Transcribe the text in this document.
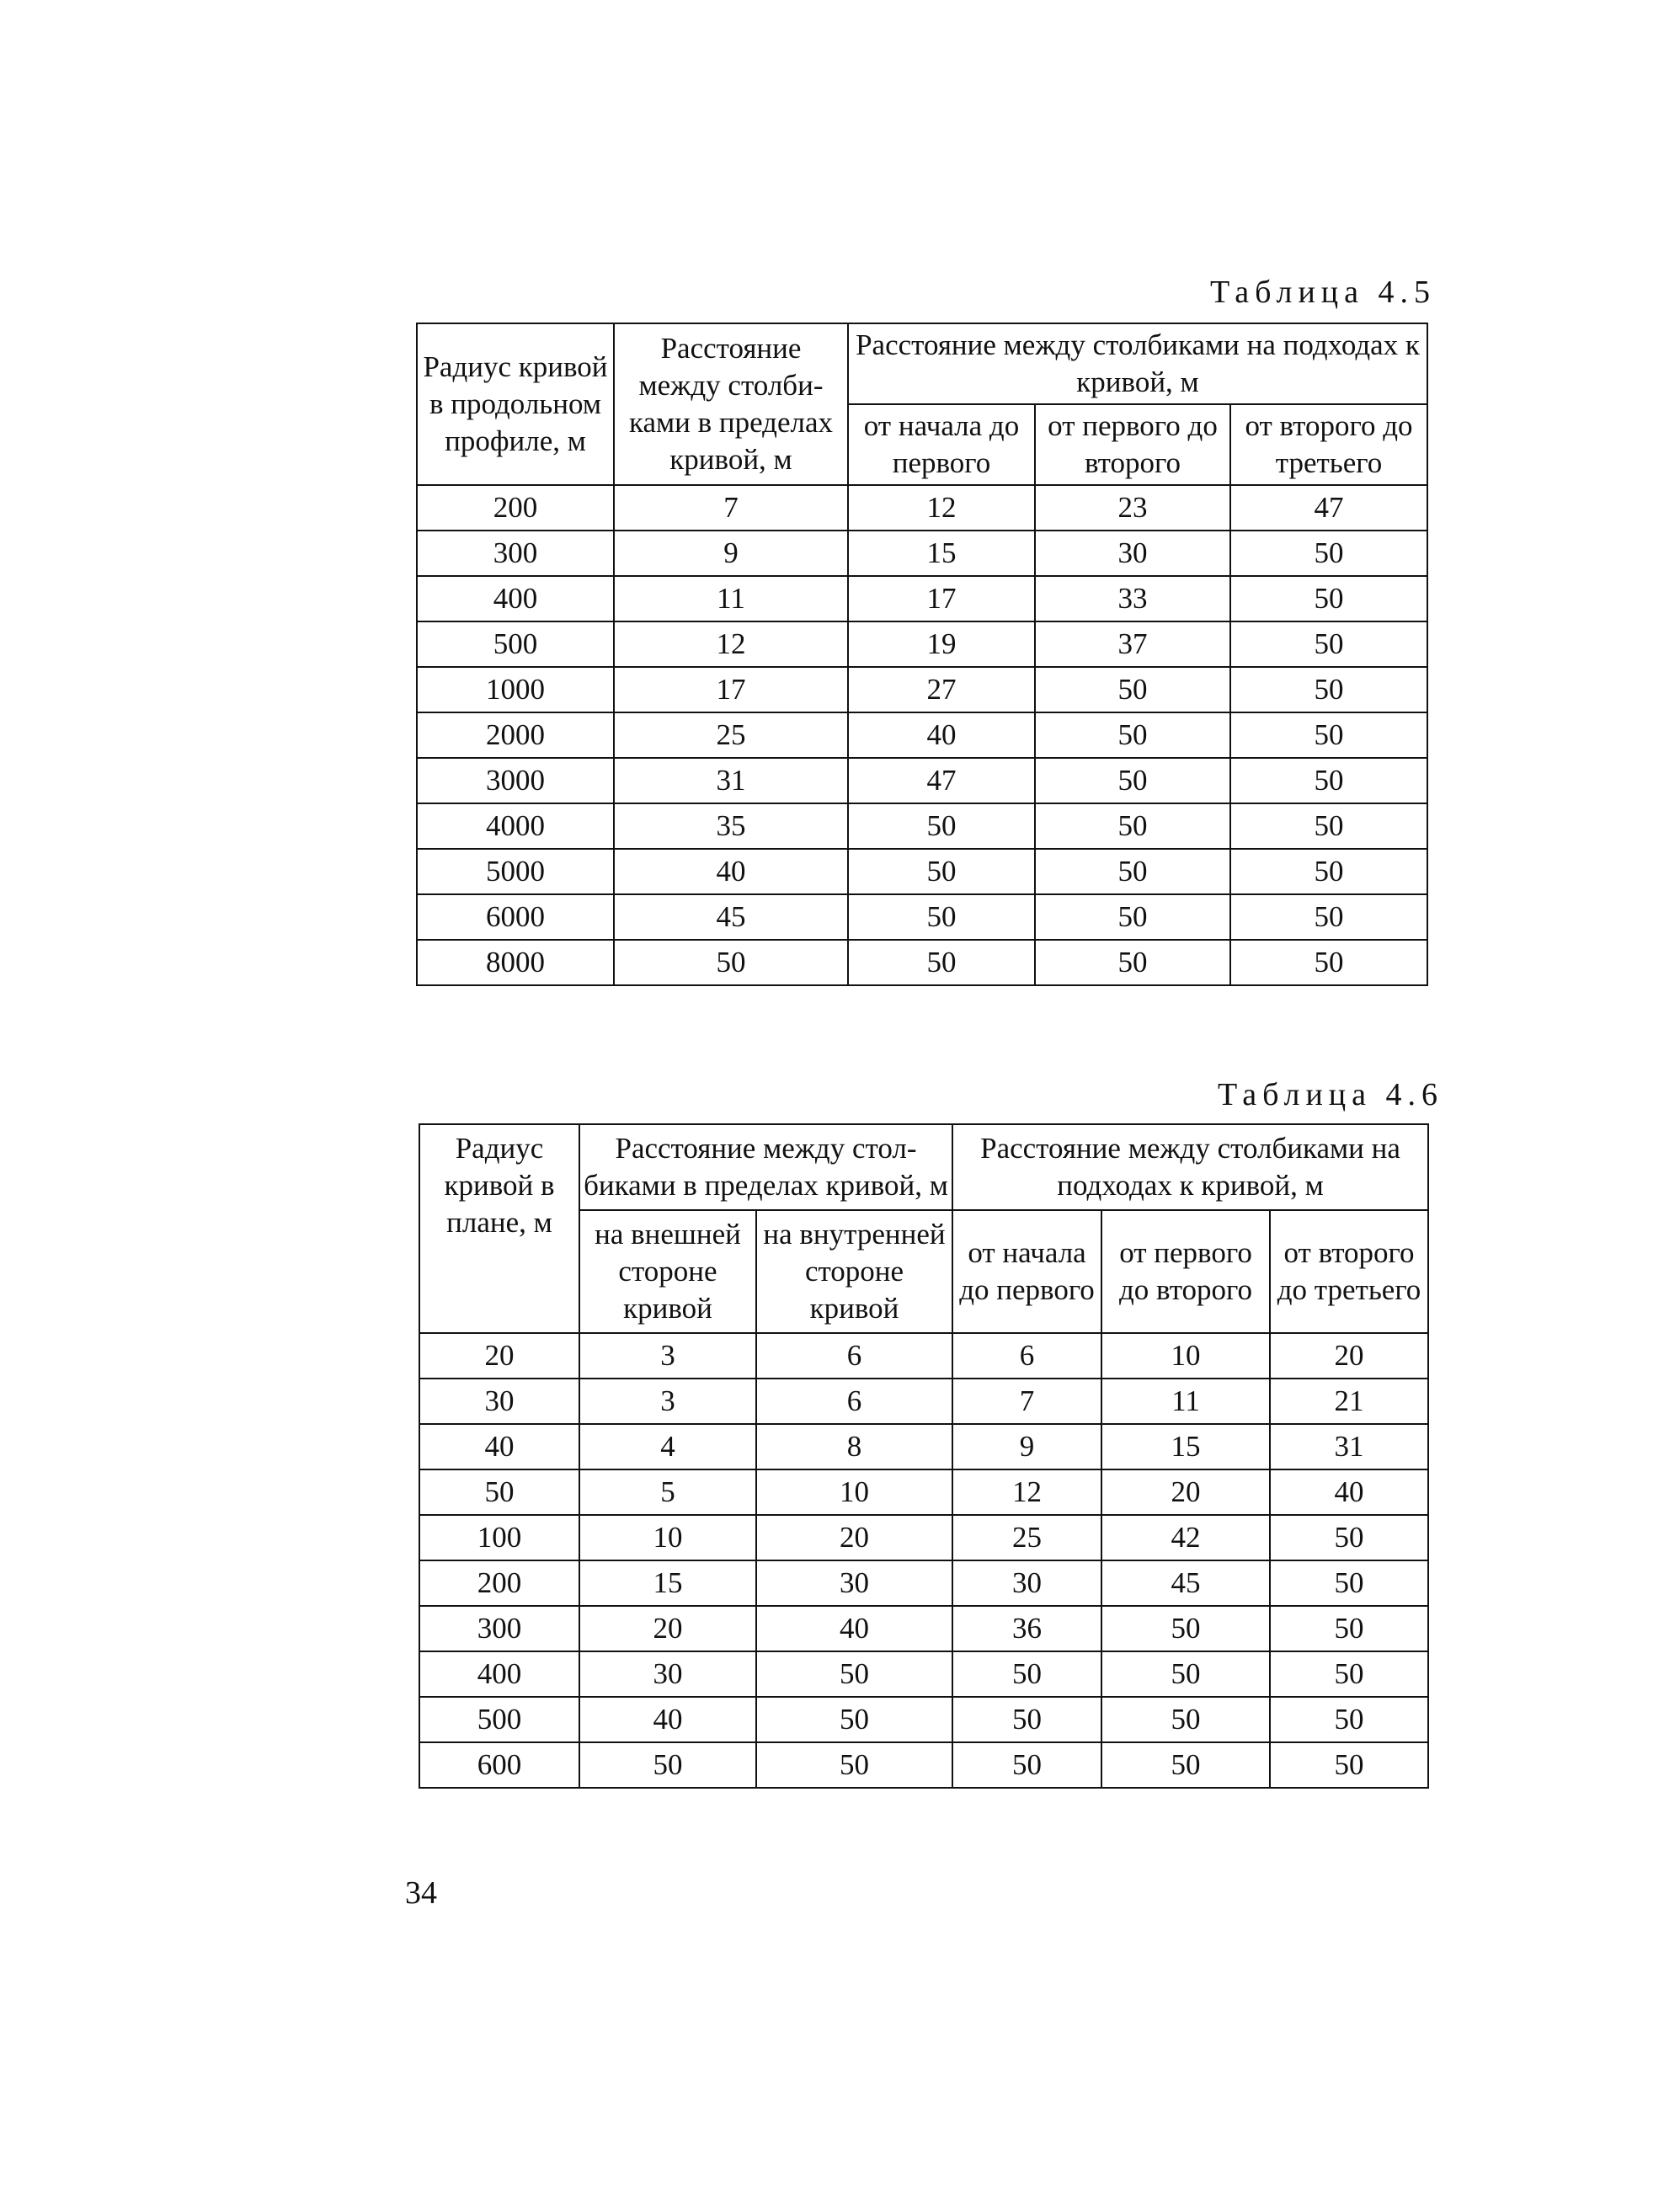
Таблица 4.5
Радиус кривой в продольном профиле, м	Расстояние между столбиками в пределах кривой, м	Расстояние между столбиками на подходах к кривой, м		
		от начала до первого	от первого до второго	от второго до третьего
200	7	12	23	47
300	9	15	30	50
400	11	17	33	50
500	12	19	37	50
1000	17	27	50	50
2000	25	40	50	50
3000	31	47	50	50
4000	35	50	50	50
5000	40	50	50	50
6000	45	50	50	50
8000	50	50	50	50
Таблица 4.6
Радиус кривой в плане, м	Расстояние между столбиками в пределах кривой, м		Расстояние между столбиками на подходах к кривой, м		
	на внешней стороне кривой	на внутренней стороне кривой	от начала до первого	от первого до второго	от второго до третьего
20	3	6	6	10	20
30	3	6	7	11	21
40	4	8	9	15	31
50	5	10	12	20	40
100	10	20	25	42	50
200	15	30	30	45	50
300	20	40	36	50	50
400	30	50	50	50	50
500	40	50	50	50	50
600	50	50	50	50	50
34
